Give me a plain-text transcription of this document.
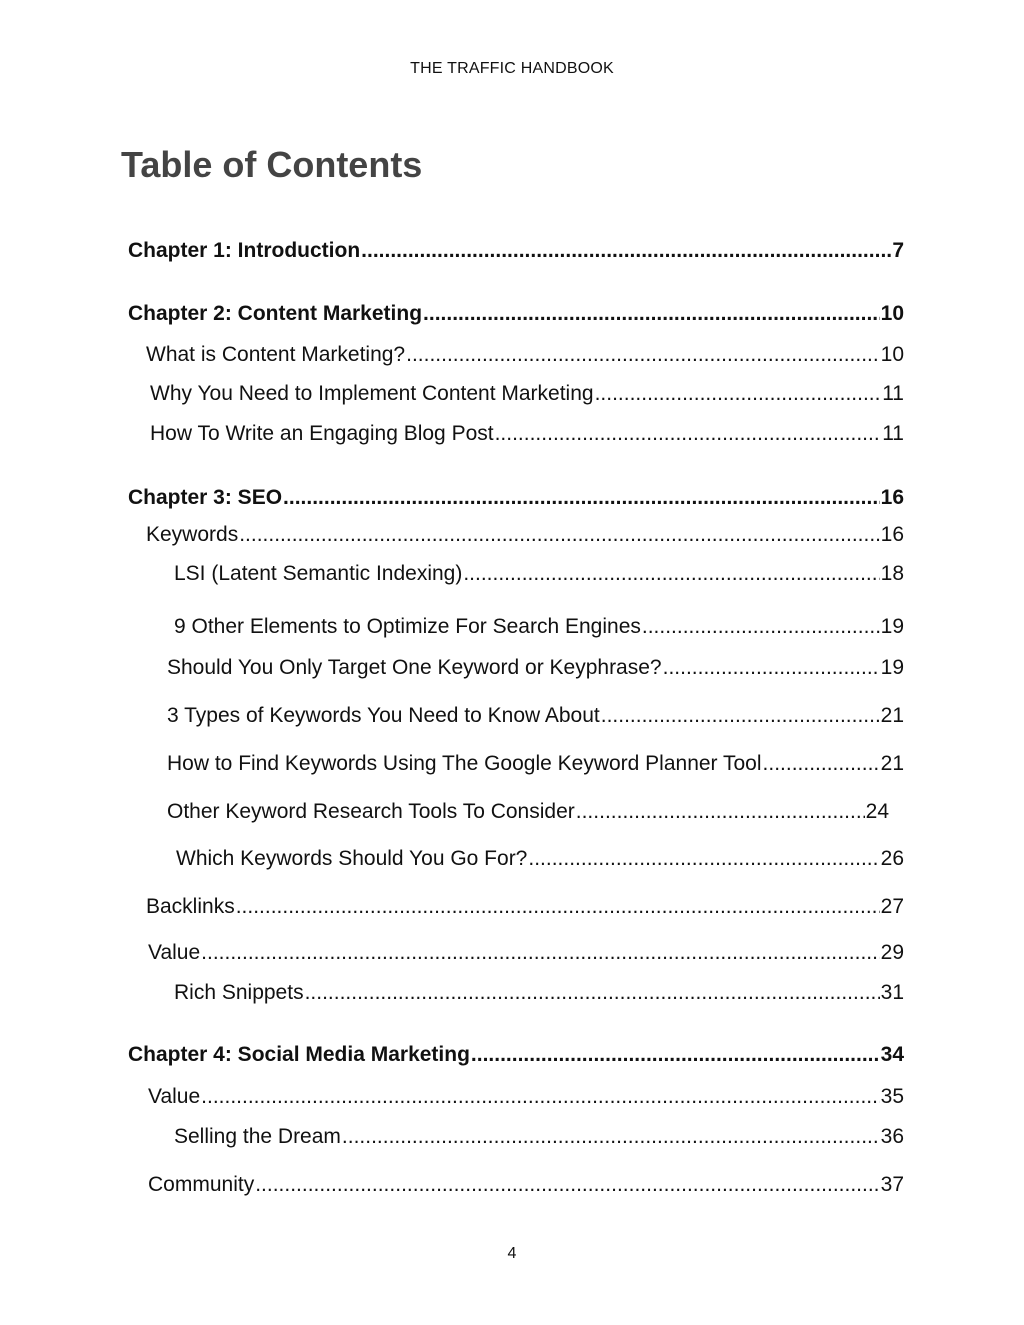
THE TRAFFIC HANDBOOK
Table of Contents
Chapter 1: Introduction .....	7
Chapter 2: Content Marketing .....	10
What is Content Marketing? .....	10
Why You Need to Implement Content Marketing .....	11
How To Write an Engaging Blog Post .....	11
Chapter 3: SEO .....	16
Keywords .....	16
LSI (Latent Semantic Indexing) .....	18
9 Other Elements to Optimize For Search Engines .....	19
Should You Only Target One Keyword or Keyphrase? .....	19
3 Types of Keywords You Need to Know About .....	21
How to Find Keywords Using The Google Keyword Planner Tool .....	21
Other Keyword Research Tools To Consider .....	24
Which Keywords Should You Go For? .....	26
Backlinks .....	27
Value .....	29
Rich Snippets .....	31
Chapter 4: Social Media Marketing .....	34
Value .....	35
Selling the Dream .....	36
Community .....	37
4
